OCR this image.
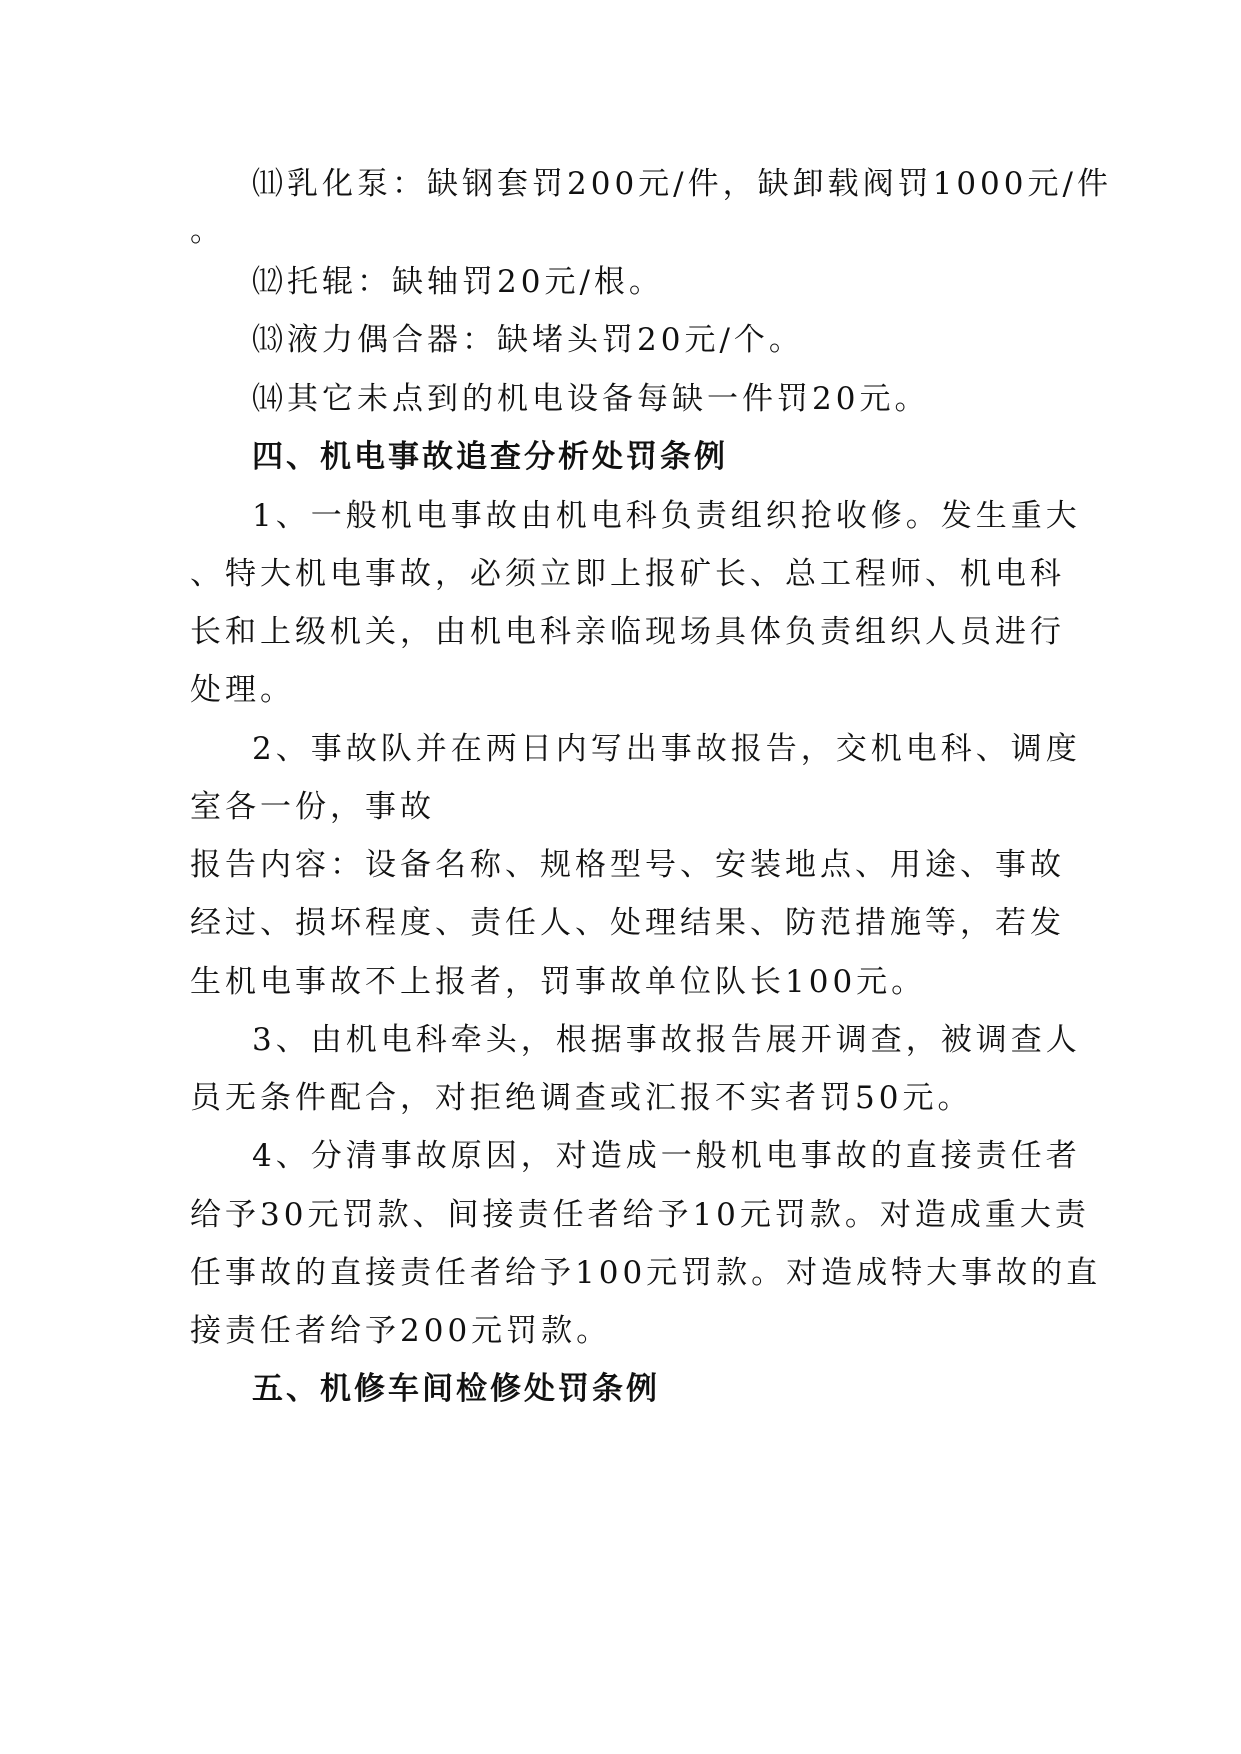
⑾乳化泵：缺钢套罚200元/件，缺卸载阀罚1000元/件
。
⑿托辊：缺轴罚20元/根。
⒀液力偶合器：缺堵头罚20元/个。
⒁其它未点到的机电设备每缺一件罚20元。
四、机电事故追查分析处罚条例
1、一般机电事故由机电科负责组织抢收修。发生重大
、特大机电事故，必须立即上报矿长、总工程师、机电科
长和上级机关，由机电科亲临现场具体负责组织人员进行
处理。
2、事故队并在两日内写出事故报告，交机电科、调度
室各一份，事故
报告内容：设备名称、规格型号、安装地点、用途、事故
经过、损坏程度、责任人、处理结果、防范措施等，若发
生机电事故不上报者，罚事故单位队长100元。
3、由机电科牵头，根据事故报告展开调查，被调查人
员无条件配合，对拒绝调查或汇报不实者罚50元。
4、分清事故原因，对造成一般机电事故的直接责任者
给予30元罚款、间接责任者给予10元罚款。对造成重大责
任事故的直接责任者给予100元罚款。对造成特大事故的直
接责任者给予200元罚款。
五、机修车间检修处罚条例
